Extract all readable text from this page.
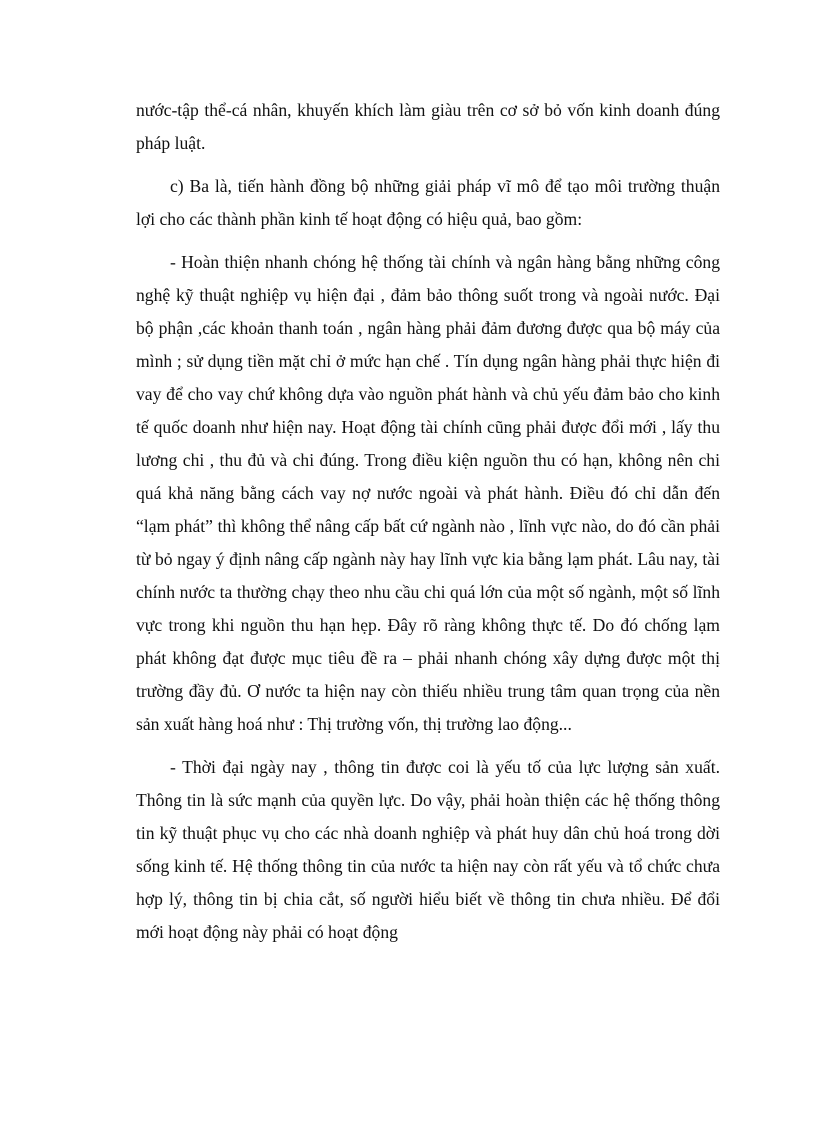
nước-tập thể-cá nhân, khuyến khích làm giàu trên cơ sở bỏ vốn kinh doanh đúng pháp luật.

c) Ba là, tiến hành đồng bộ những giải pháp vĩ mô để tạo môi trường thuận lợi cho các thành phần kinh tế hoạt động có hiệu quả, bao gồm:

- Hoàn thiện nhanh chóng hệ thống tài chính và ngân hàng bằng những công nghệ kỹ thuật nghiệp vụ hiện đại , đảm bảo thông suốt trong và ngoài nước. Đại bộ phận ,các khoản thanh toán , ngân hàng phải đảm đương được qua bộ máy của mình ; sử dụng tiền mặt chỉ ở mức hạn chế . Tín dụng ngân hàng phải thực hiện đi vay để cho vay chứ không dựa vào nguồn phát hành và chủ yếu đảm bảo cho kinh tế quốc doanh như hiện nay. Hoạt động tài chính cũng phải được đổi mới , lấy thu lương chi , thu đủ và chi đúng. Trong điều kiện nguồn thu có hạn, không nên chi quá khả năng bằng cách vay nợ nước ngoài và phát hành. Điều đó chỉ dẫn đến “lạm phát” thì không thể nâng cấp bất cứ ngành nào , lĩnh vực nào, do đó cần phải từ bỏ ngay ý định nâng cấp ngành này hay lĩnh vực kia bằng lạm phát. Lâu nay, tài chính nước ta thường chạy theo nhu cầu chi quá lớn của một số ngành, một số lĩnh vực trong khi nguồn thu hạn hẹp. Đây rõ ràng không thực tế. Do đó chống lạm phát không đạt được mục tiêu đề ra – phải nhanh chóng xây dựng được một thị trường đầy đủ. Ơ nước ta hiện nay còn thiếu nhiều trung tâm quan trọng của nền sản xuất hàng hoá như : Thị trường vốn, thị trường lao động...

- Thời đại ngày nay , thông tin được coi là yếu tố của lực lượng sản xuất. Thông tin là sức mạnh của quyền lực. Do vậy, phải hoàn thiện các hệ thống thông tin kỹ thuật phục vụ cho các nhà doanh nghiệp và phát huy dân chủ hoá trong dời sống kinh tế. Hệ thống thông tin của nước ta hiện nay còn rất yếu và tổ chức chưa hợp lý, thông tin bị chia cắt, số người hiểu biết về thông tin chưa nhiều. Để đổi mới hoạt động này phải có hoạt động
